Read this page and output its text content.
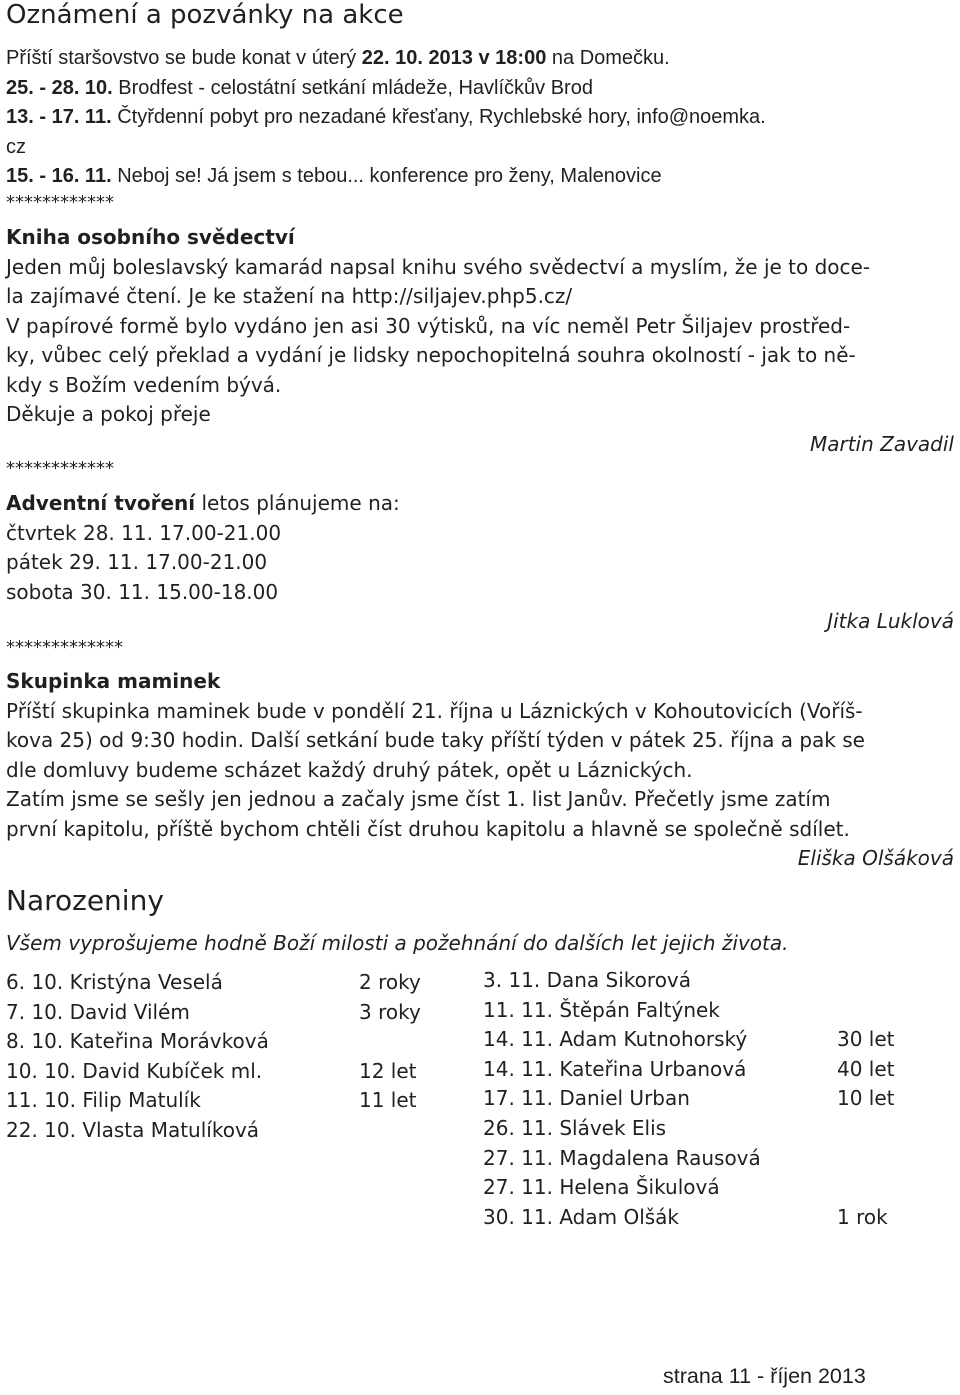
Oznámení a pozvánky na akce
Příští staršovstvo se bude konat v úterý 22. 10. 2013 v 18:00 na Domečku.
25. - 28. 10. Brodfest - celostátní setkání mládeže, Havlíčkův Brod
13. - 17. 11. Čtyřdenní pobyt pro nezadané křesťany, Rychlebské hory, info@noemka.
cz
15. - 16. 11. Neboj se! Já jsem s tebou... konference pro ženy, Malenovice
************
Kniha osobního svědectví
Jeden můj boleslavský kamarád napsal knihu svého svědectví a myslím, že je to doce-
la zajímavé čtení. Je ke stažení na http://siljajev.php5.cz/
V papírové formě bylo vydáno jen asi 30 výtisků, na víc neměl Petr Šiljajev prostřed-
ky, vůbec celý překlad a vydání je lidsky nepochopitelná souhra okolností - jak to ně-
kdy s Božím vedením bývá.
Děkuje a pokoj přeje
Martin Zavadil
************
Adventní tvoření letos plánujeme na:
čtvrtek 28. 11. 17.00-21.00
pátek 29. 11. 17.00-21.00
sobota 30. 11. 15.00-18.00
Jitka Luklová
*************
Skupinka maminek
Příští skupinka maminek bude v pondělí 21. října u Láznických v Kohoutovicích (Voříš-
kova 25) od 9:30 hodin. Další setkání bude taky příští týden v pátek 25. října a pak se
dle domluvy budeme scházet každý druhý pátek, opět u Láznických.
Zatím jsme se sešly jen jednou a začaly jsme číst 1. list Janův. Přečetly jsme zatím
první kapitolu, příště bychom chtěli číst druhou kapitolu a hlavně se společně sdílet.
Eliška Olšáková
Narozeniny
Všem vyprošujeme hodně Boží milosti a požehnání do dalších let jejich života.
6. 10. Kristýna Veselá	2 roky
7. 10. David Vilém	3 roky
8. 10. Kateřina Morávková
10. 10. David Kubíček ml.	12 let
11. 10. Filip Matulík	11 let
22. 10. Vlasta Matulíková
3. 11. Dana Sikorová
11. 11. Štěpán Faltýnek
14. 11. Adam Kutnohorský	30 let
14. 11. Kateřina Urbanová	40 let
17. 11. Daniel Urban	10 let
26. 11. Slávek Elis
27. 11. Magdalena Rausová
27. 11. Helena Šikulová
30. 11. Adam Olšák	1 rok
strana 11 - říjen 2013
